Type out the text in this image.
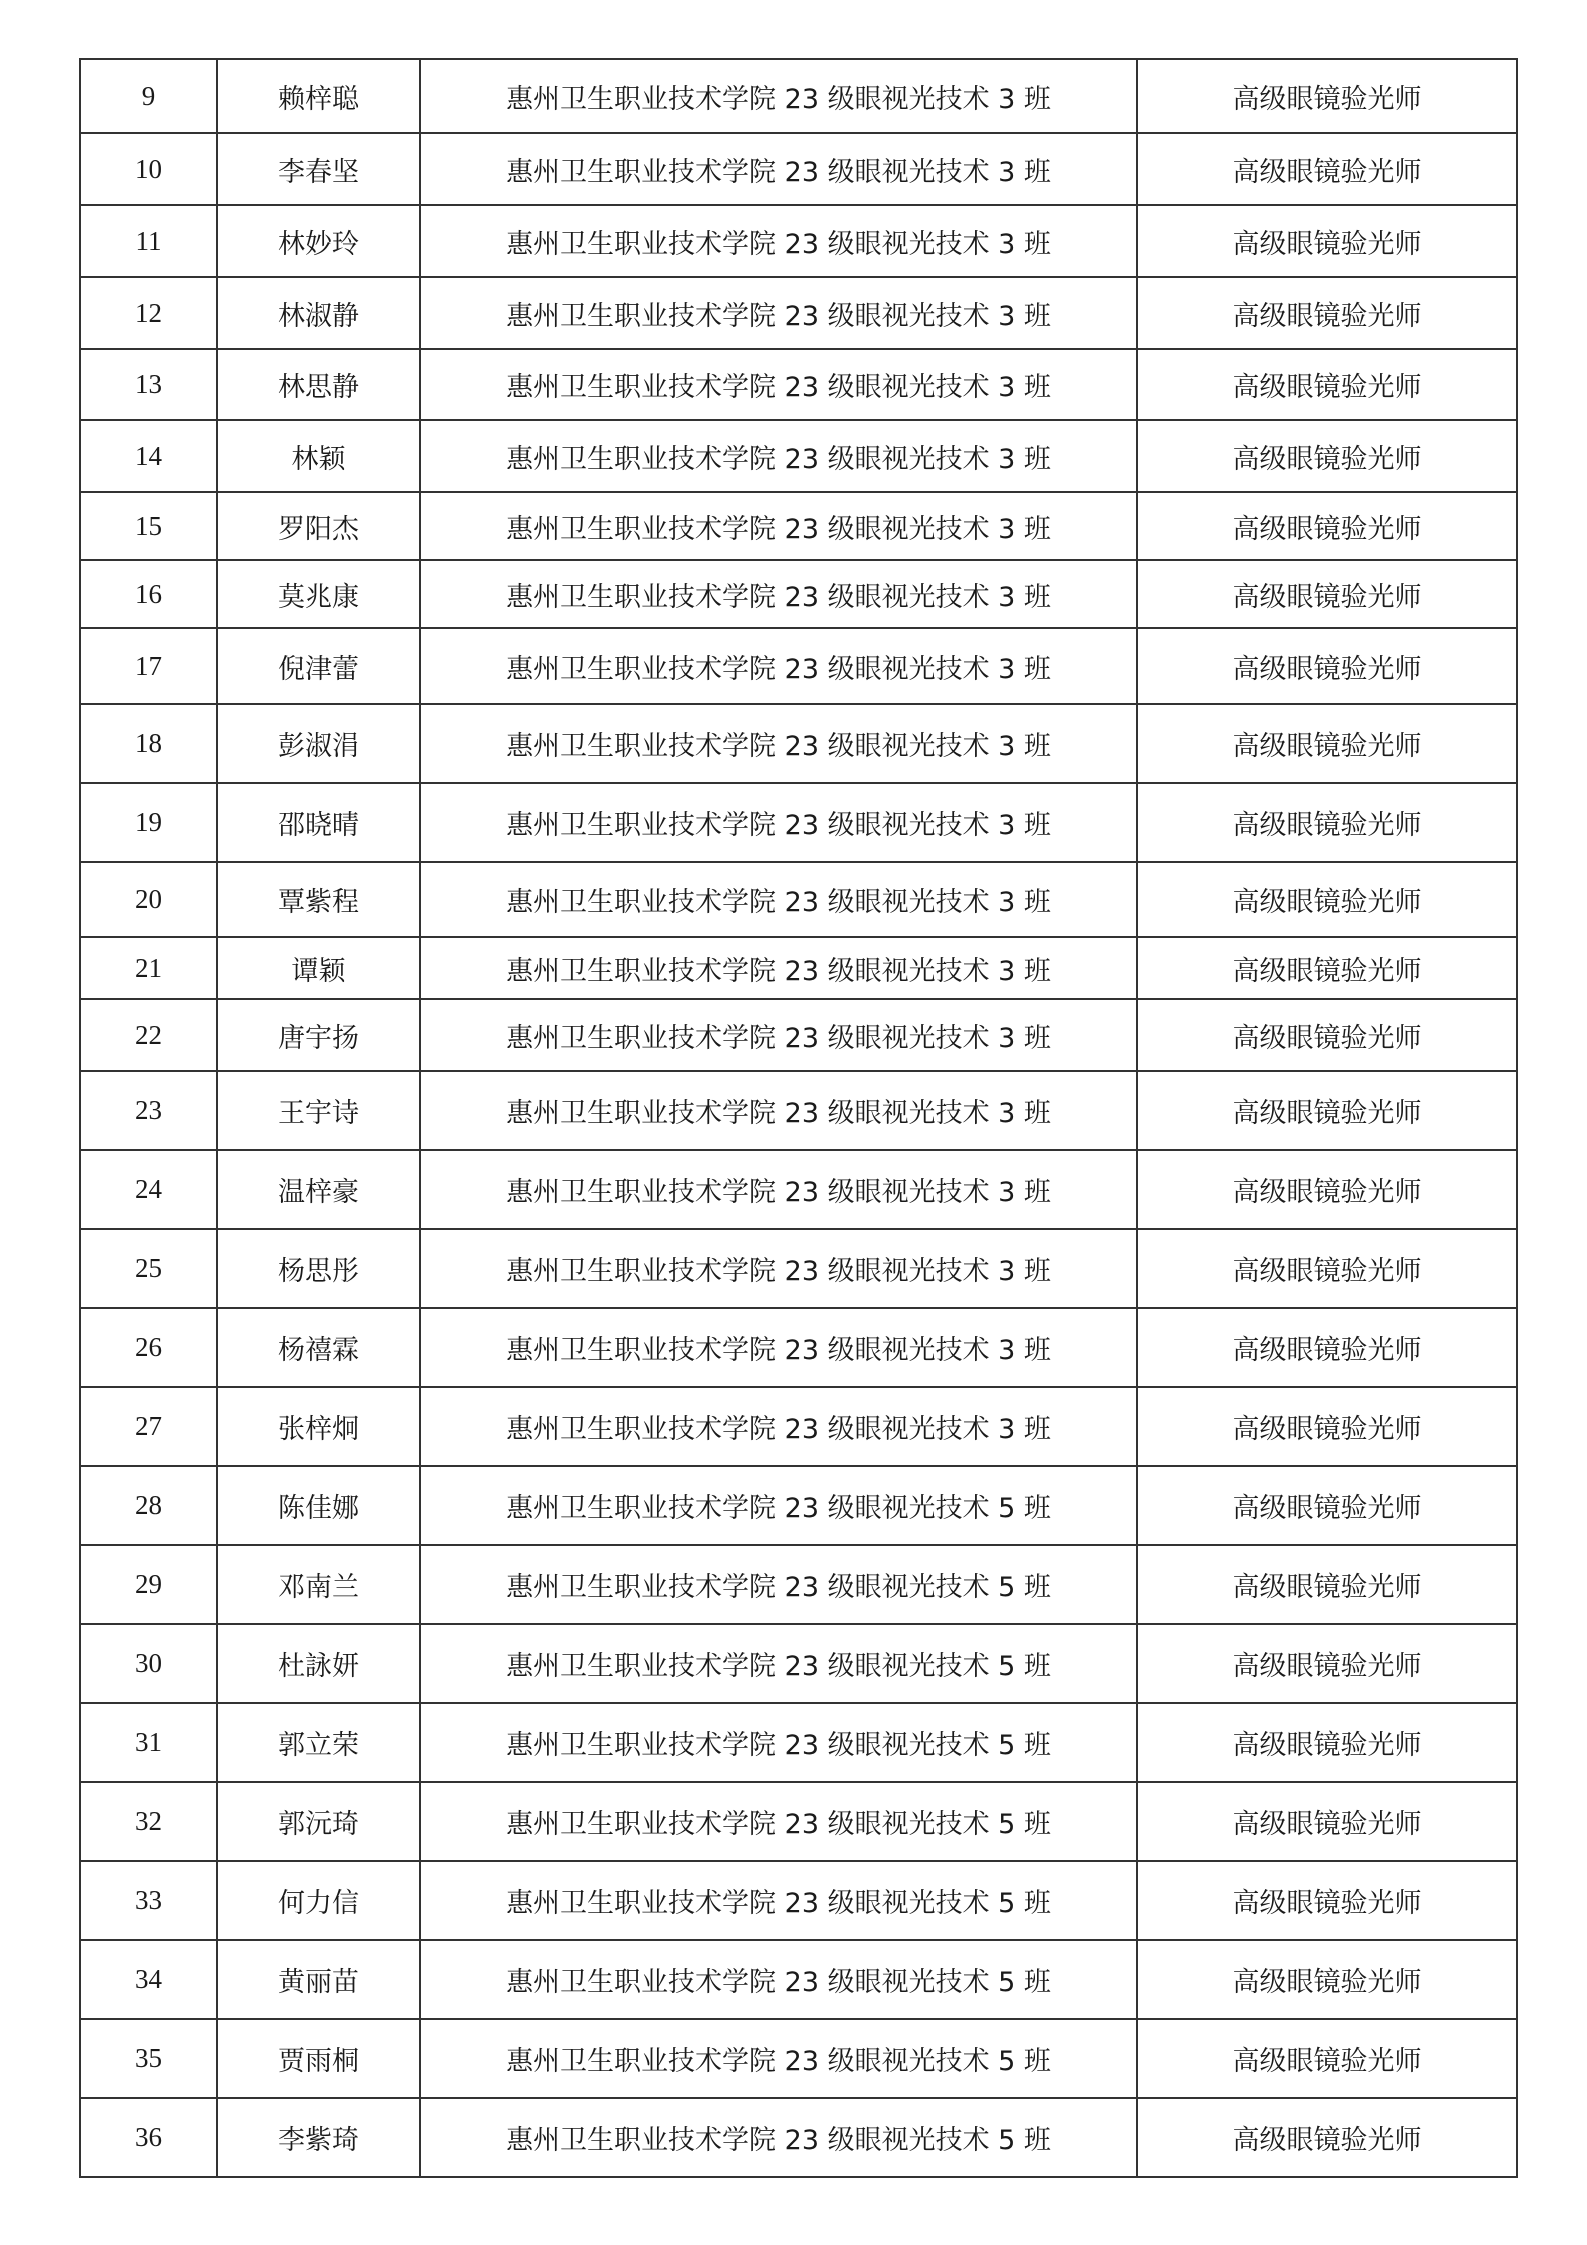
9	赖梓聪	惠州卫生职业技术学院 23 级眼视光技术 3 班	高级眼镜验光师
10	李春坚	惠州卫生职业技术学院 23 级眼视光技术 3 班	高级眼镜验光师
11	林妙玲	惠州卫生职业技术学院 23 级眼视光技术 3 班	高级眼镜验光师
12	林淑静	惠州卫生职业技术学院 23 级眼视光技术 3 班	高级眼镜验光师
13	林思静	惠州卫生职业技术学院 23 级眼视光技术 3 班	高级眼镜验光师
14	林颖	惠州卫生职业技术学院 23 级眼视光技术 3 班	高级眼镜验光师
15	罗阳杰	惠州卫生职业技术学院 23 级眼视光技术 3 班	高级眼镜验光师
16	莫兆康	惠州卫生职业技术学院 23 级眼视光技术 3 班	高级眼镜验光师
17	倪津蕾	惠州卫生职业技术学院 23 级眼视光技术 3 班	高级眼镜验光师
18	彭淑涓	惠州卫生职业技术学院 23 级眼视光技术 3 班	高级眼镜验光师
19	邵晓晴	惠州卫生职业技术学院 23 级眼视光技术 3 班	高级眼镜验光师
20	覃紫程	惠州卫生职业技术学院 23 级眼视光技术 3 班	高级眼镜验光师
21	谭颖	惠州卫生职业技术学院 23 级眼视光技术 3 班	高级眼镜验光师
22	唐宇扬	惠州卫生职业技术学院 23 级眼视光技术 3 班	高级眼镜验光师
23	王宇诗	惠州卫生职业技术学院 23 级眼视光技术 3 班	高级眼镜验光师
24	温梓豪	惠州卫生职业技术学院 23 级眼视光技术 3 班	高级眼镜验光师
25	杨思彤	惠州卫生职业技术学院 23 级眼视光技术 3 班	高级眼镜验光师
26	杨禧霖	惠州卫生职业技术学院 23 级眼视光技术 3 班	高级眼镜验光师
27	张梓炯	惠州卫生职业技术学院 23 级眼视光技术 3 班	高级眼镜验光师
28	陈佳娜	惠州卫生职业技术学院 23 级眼视光技术 5 班	高级眼镜验光师
29	邓南兰	惠州卫生职业技术学院 23 级眼视光技术 5 班	高级眼镜验光师
30	杜詠妍	惠州卫生职业技术学院 23 级眼视光技术 5 班	高级眼镜验光师
31	郭立荣	惠州卫生职业技术学院 23 级眼视光技术 5 班	高级眼镜验光师
32	郭沅琦	惠州卫生职业技术学院 23 级眼视光技术 5 班	高级眼镜验光师
33	何力信	惠州卫生职业技术学院 23 级眼视光技术 5 班	高级眼镜验光师
34	黄丽苗	惠州卫生职业技术学院 23 级眼视光技术 5 班	高级眼镜验光师
35	贾雨桐	惠州卫生职业技术学院 23 级眼视光技术 5 班	高级眼镜验光师
36	李紫琦	惠州卫生职业技术学院 23 级眼视光技术 5 班	高级眼镜验光师
